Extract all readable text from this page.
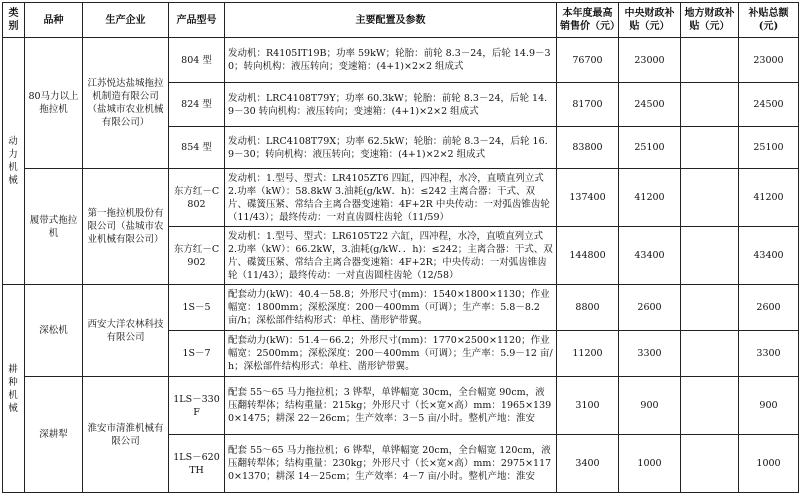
类别	品种	生产企业	产品型号	主要配置及参数	本年度最高销售价（元）	中央财政补贴（元）	地方财政补贴（元）	补贴总额(元)

动力机械	80马力以上拖拉机	江苏悦达盐城拖拉机制造有限公司（盐城市农业机械有限公司）	804 型	发动机：R4105IT19B；功率 59kW；轮胎：前轮 8.3－24，后轮 14.9－30；转向机构：液压转向；变速箱：(4+1)×2×2 组成式	76700	23000		23000
			824 型	发动机：LRC4108T79Y；功率 60.3kW；轮胎：前轮 8.3－24，后轮 14.9－30 转向机构：液压转向；变速箱：(4+1)×2×2 组成式	81700	24500		24500
			854 型	发动机：LRC4108T79X；功率 62.5kW；轮胎：前轮 8.3－24，后轮 16.9－30；转向机构：液压转向；变速箱：(4+1)×2×2 组成式	83800	25100		25100
	履带式拖拉机	第一拖拉机股份有限公司（盐城市农业机械有限公司）	东方红－C802	发动机：1.型号、型式：LR4105ZT6 四缸，四冲程，水冷，直喷直列立式 2.功率（kW）：58.8kW 3.油耗(g/kW．h)：≤242 主离合器：干式、双片、碟簧压紧、常结合主离合器变速箱：4F+2R 中央传动：一对弧齿锥齿轮（11/43）；最终传动：一对直齿圆柱齿轮（11/59）	137400	41200		41200
			东方红－C902	发动机：1.型号、型式：LR6105T22 六缸，四冲程，水冷，直喷直列立式 2.功率（kW）：66.2kW，3.油耗(g/kW．．h)：≤242；主离合器：干式、双片、碟簧压紧、常结合主离合器变速箱：4F+2R；中央传动：一对弧齿锥齿轮（11/43）；最终传动：一对直齿圆柱齿轮（12/58）	144800	43400		43400

耕种机械	深松机	西安大洋农林科技有限公司	1S－5	配套动力(kW)：40.4－58.8；外形尺寸(mm)：1540×1800×1130；作业幅宽：1800mm；深松深度：200－400mm（可调）；生产率：5.8－8.2 亩/h；深松部件结构形式：单柱、凿形铲带翼。	8800	2600		2600
			1S－7	配套动力(kW)：51.4－66.2；外形尺寸(mm)：1770×2500×1120；作业幅宽：2500mm；深松深度：200－400mm（可调）；生产率：5.9－12 亩/h；深松部件结构形式：单柱、凿形铲带翼。	11200	3300		3300
	深耕犁	淮安市清淮机械有限公司	1LS－330F	配套 55～65 马力拖拉机；3 铧犁，单铧幅宽 30cm，全台幅宽 90cm，液压翻转犁体；结构重量：215kg；外形尺寸（长×宽×高）mm：1965×1390×1475；耕深 22－26cm；生产效率：3－5 亩/小时。整机产地：淮安	3100	900		900
			1LS－620TH	配套 55～65 马力拖拉机；6 铧犁，单铧幅宽 20cm，全台幅宽 120cm，液压翻转犁体；结构重量：230kg；外形尺寸（长×宽×高）mm：2975×1170×1370；耕深 14－25cm；生产效率：4－7 亩/小时。整机产地：淮安	3400	1000		1000
